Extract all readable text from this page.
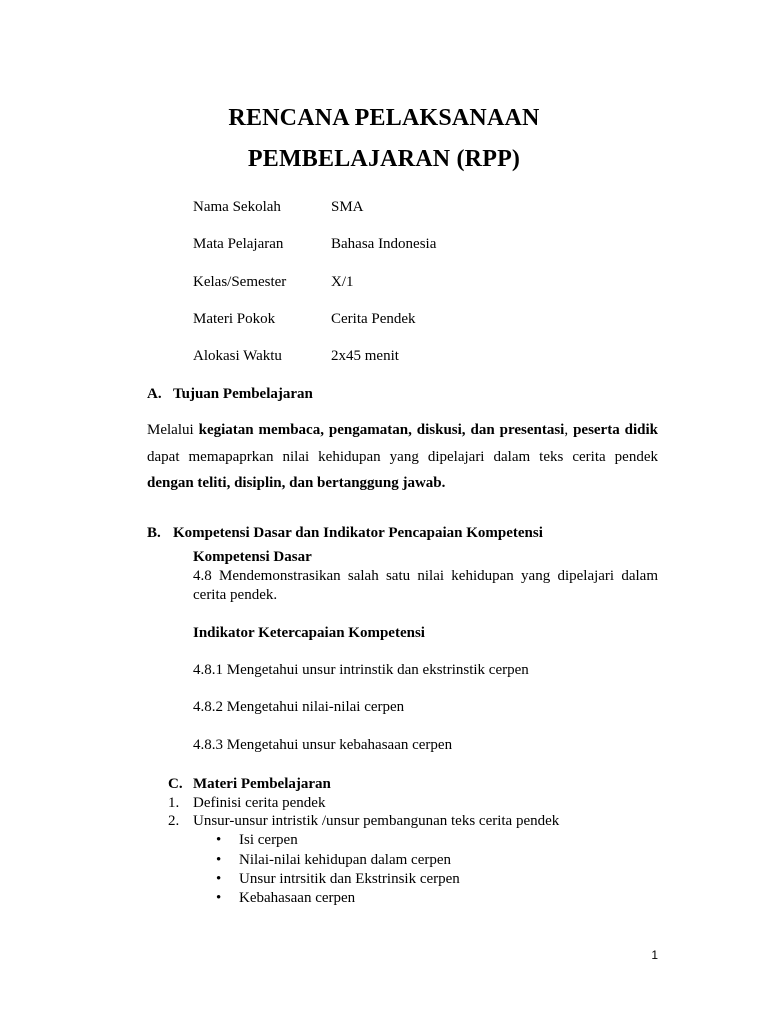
RENCANA PELAKSANAAN
PEMBELAJARAN (RPP)
Nama Sekolah	SMA
Mata Pelajaran	Bahasa Indonesia
Kelas/Semester	X/1
Materi Pokok	Cerita Pendek
Alokasi Waktu	2x45 menit
A. Tujuan Pembelajaran
Melalui kegiatan membaca, pengamatan, diskusi, dan presentasi, peserta didik
dapat memapaprkan nilai kehidupan yang dipelajari dalam teks cerita pendek
dengan teliti, disiplin, dan bertanggung jawab.
B. Kompetensi Dasar dan Indikator Pencapaian Kompetensi
Kompetensi Dasar
4.8 Mendemonstrasikan salah satu nilai kehidupan yang dipelajari dalam
cerita pendek.
Indikator Ketercapaian Kompetensi
4.8.1 Mengetahui unsur intrinstik dan ekstrinstik cerpen
4.8.2 Mengetahui nilai-nilai cerpen
4.8.3 Mengetahui unsur kebahasaan cerpen
C. Materi Pembelajaran
1. Definisi cerita pendek
2. Unsur-unsur intristik /unsur pembangunan teks cerita pendek
• Isi cerpen
• Nilai-nilai kehidupan dalam cerpen
• Unsur intrsitik dan Ekstrinsik cerpen
• Kebahasaan cerpen
1
